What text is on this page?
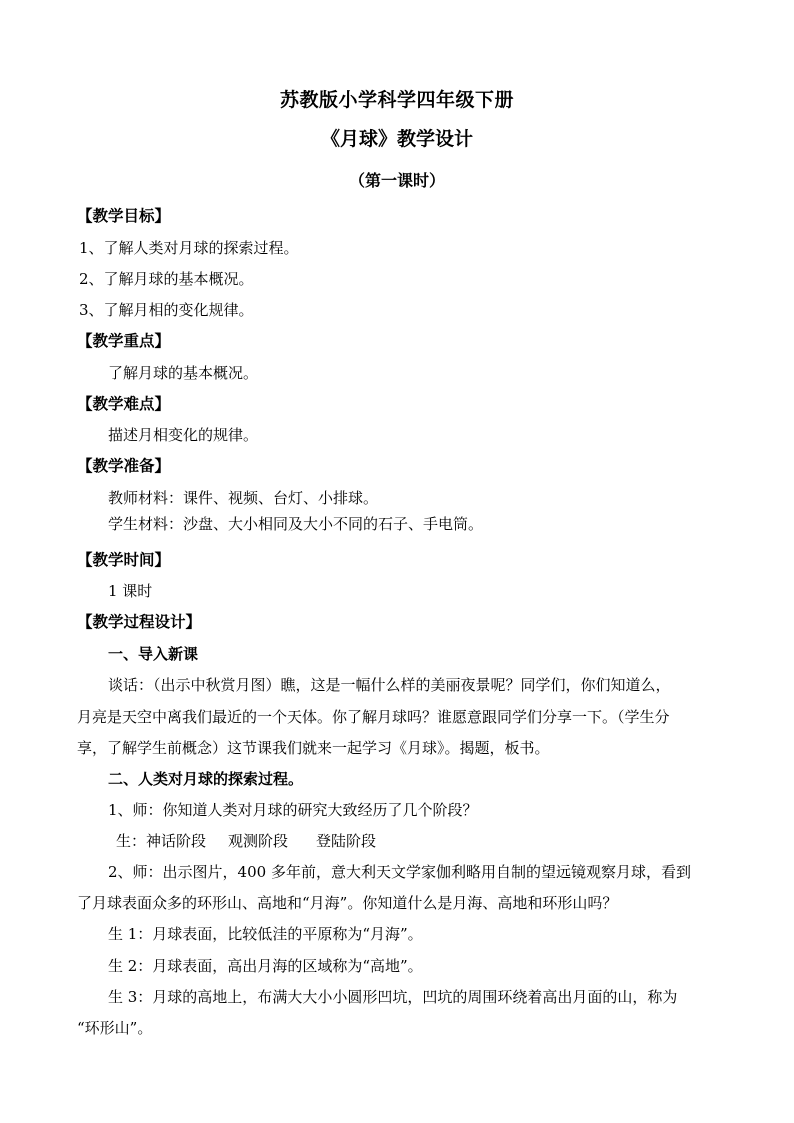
苏教版小学科学四年级下册
《月球》教学设计
（第一课时）
【教学目标】
1、了解人类对月球的探索过程。
2、了解月球的基本概况。
3、了解月相的变化规律。
【教学重点】
了解月球的基本概况。
【教学难点】
描述月相变化的规律。
【教学准备】
教师材料：课件、视频、台灯、小排球。
学生材料：沙盘、大小相同及大小不同的石子、手电筒。
【教学时间】
1 课时
【教学过程设计】
一、导入新课
谈话：（出示中秋赏月图）瞧，这是一幅什么样的美丽夜景呢？同学们，你们知道么，
月亮是天空中离我们最近的一个天体。你了解月球吗？谁愿意跟同学们分享一下。（学生分
享，了解学生前概念）这节课我们就来一起学习《月球》。揭题，板书。
二、人类对月球的探索过程。
1、师：你知道人类对月球的研究大致经历了几个阶段？
生：神话阶段 观测阶段 登陆阶段
2、师：出示图片，400 多年前，意大利天文学家伽利略用自制的望远镜观察月球，看到
了月球表面众多的环形山、高地和“月海”。你知道什么是月海、高地和环形山吗？
生 1：月球表面，比较低洼的平原称为“月海”。
生 2：月球表面，高出月海的区域称为“高地”。
生 3：月球的高地上，布满大大小小圆形凹坑，凹坑的周围环绕着高出月面的山，称为
“环形山”。
